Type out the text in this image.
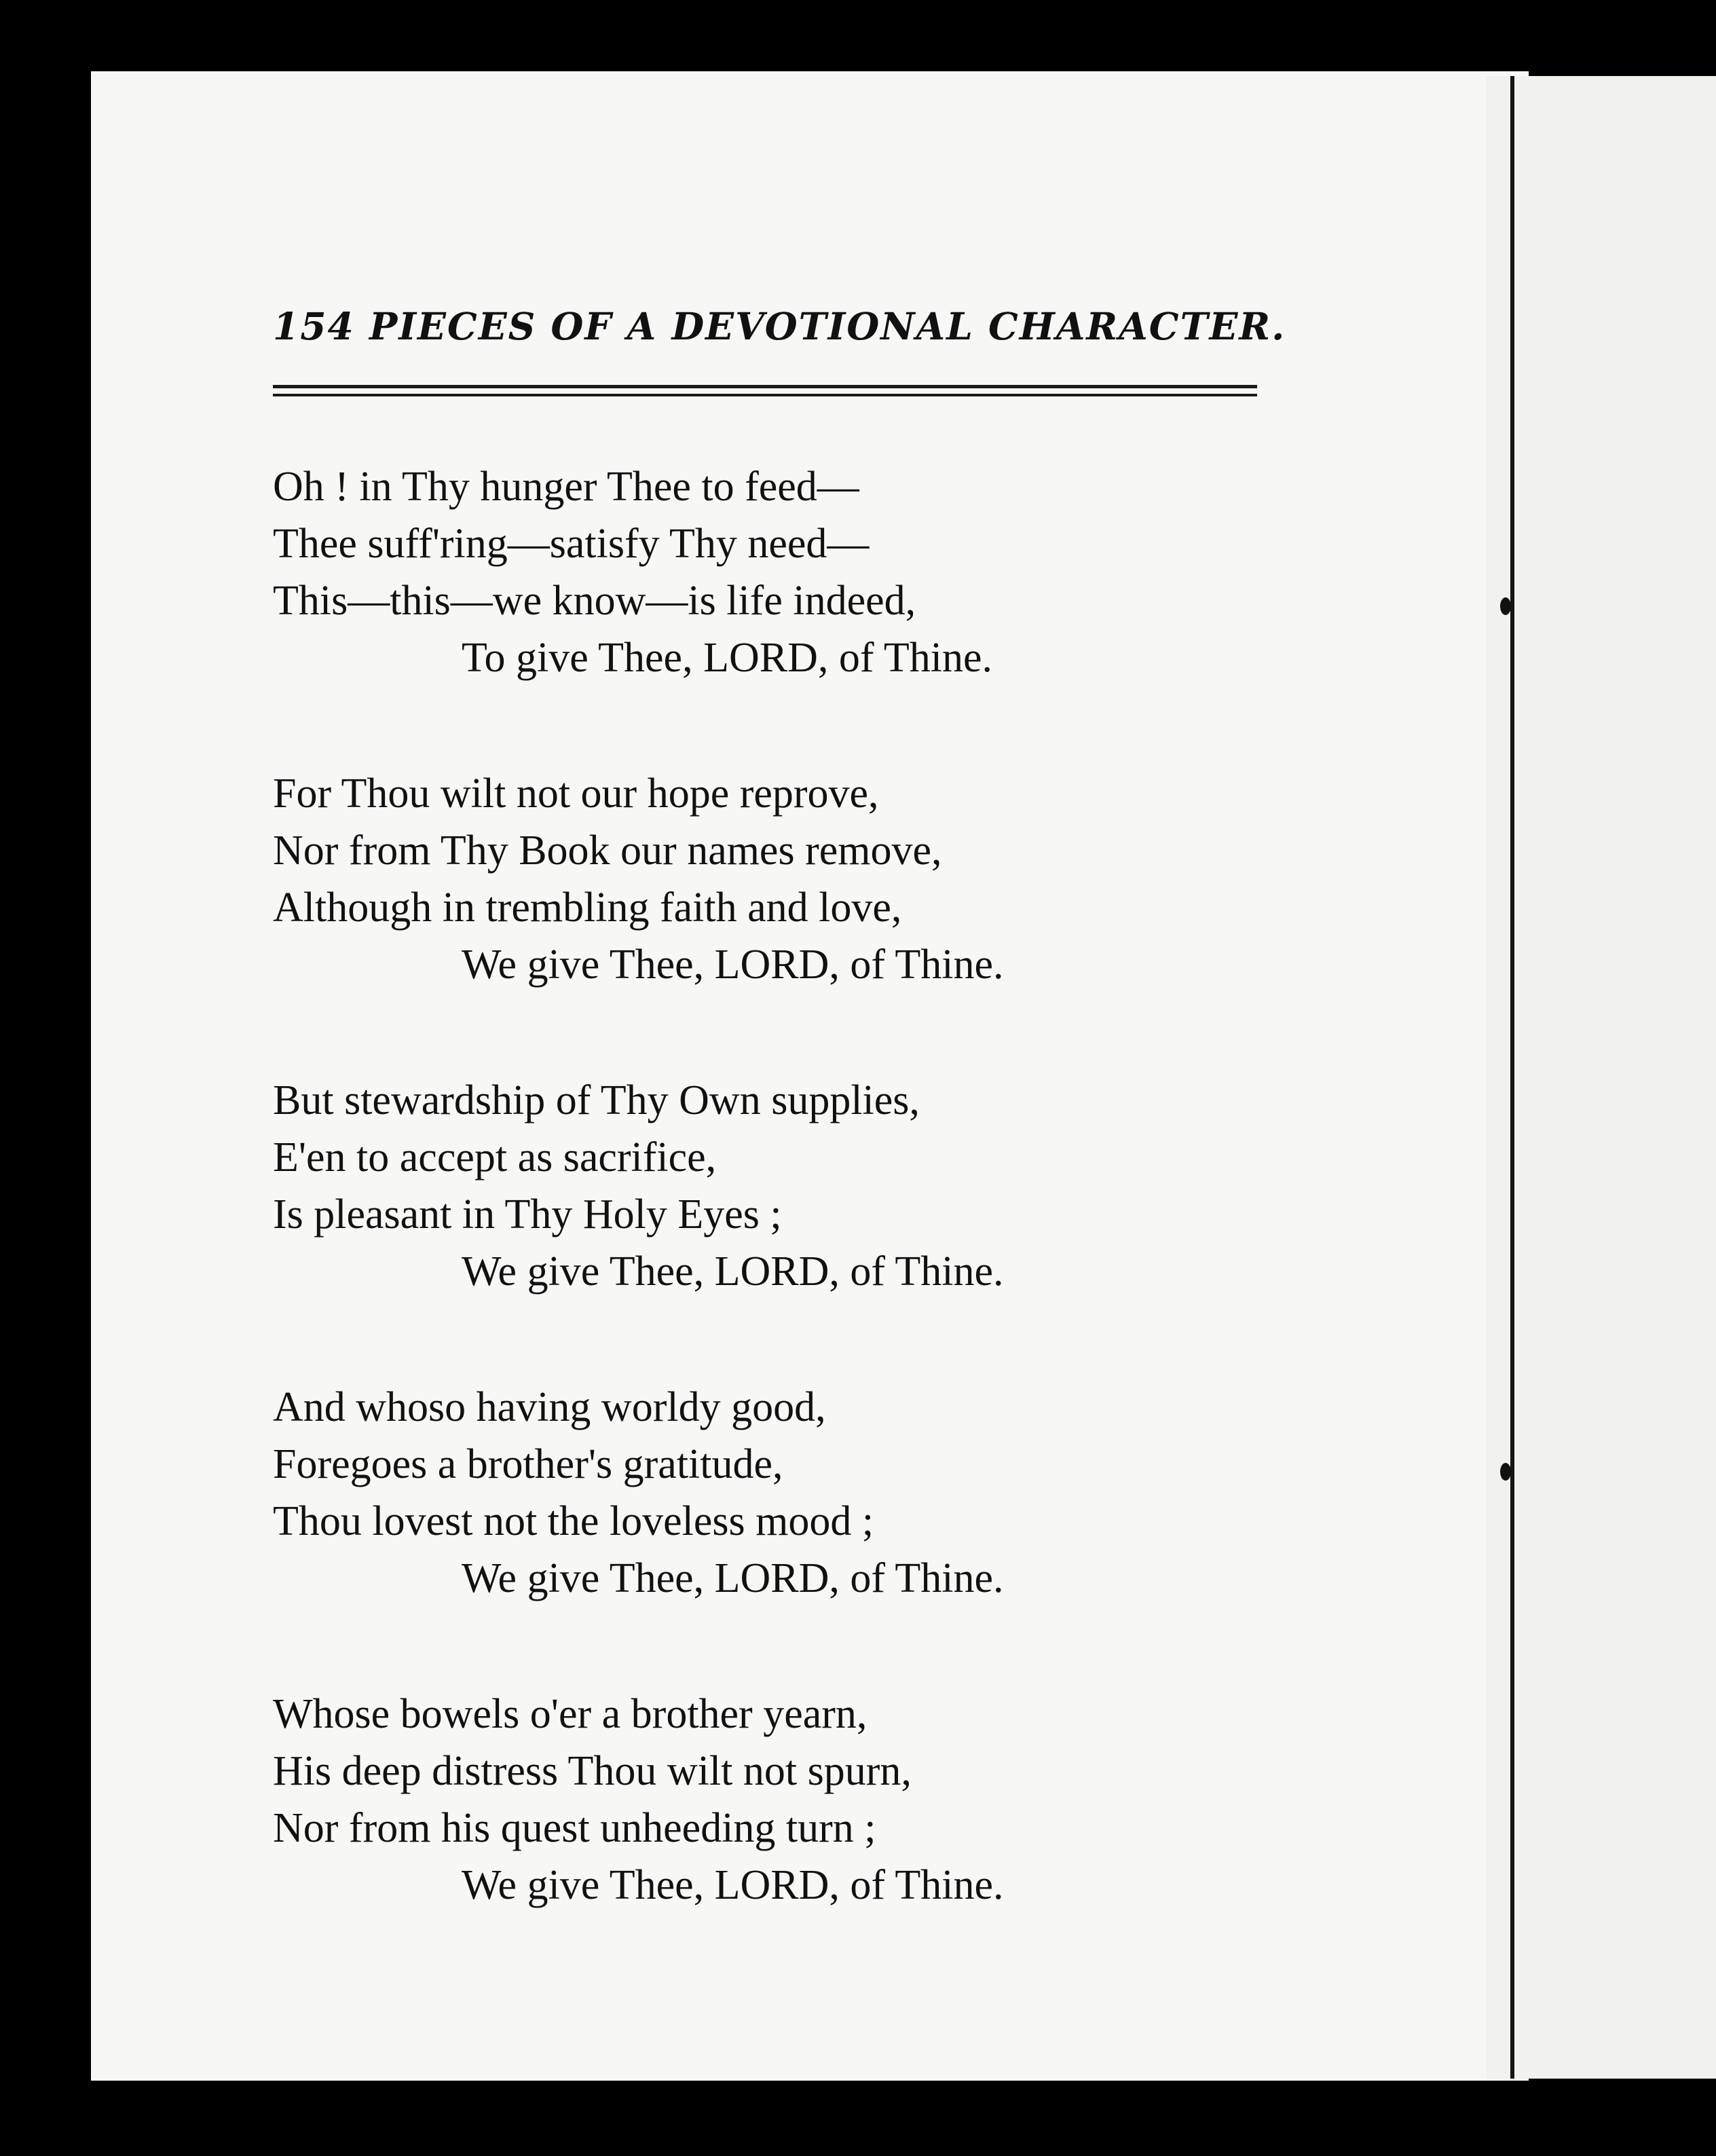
154 PIECES OF A DEVOTIONAL CHARACTER.
Oh ! in Thy hunger Thee to feed—
Thee suff'ring—satisfy Thy need—
This—this—we know—is life indeed,
To give Thee, LORD, of Thine.
For Thou wilt not our hope reprove,
Nor from Thy Book our names remove,
Although in trembling faith and love,
We give Thee, LORD, of Thine.
But stewardship of Thy Own supplies,
E'en to accept as sacrifice,
Is pleasant in Thy Holy Eyes ;
We give Thee, LORD, of Thine.
And whoso having worldy good,
Foregoes a brother's gratitude,
Thou lovest not the loveless mood ;
We give Thee, LORD, of Thine.
Whose bowels o'er a brother yearn,
His deep distress Thou wilt not spurn,
Nor from his quest unheeding turn ;
We give Thee, LORD, of Thine.
